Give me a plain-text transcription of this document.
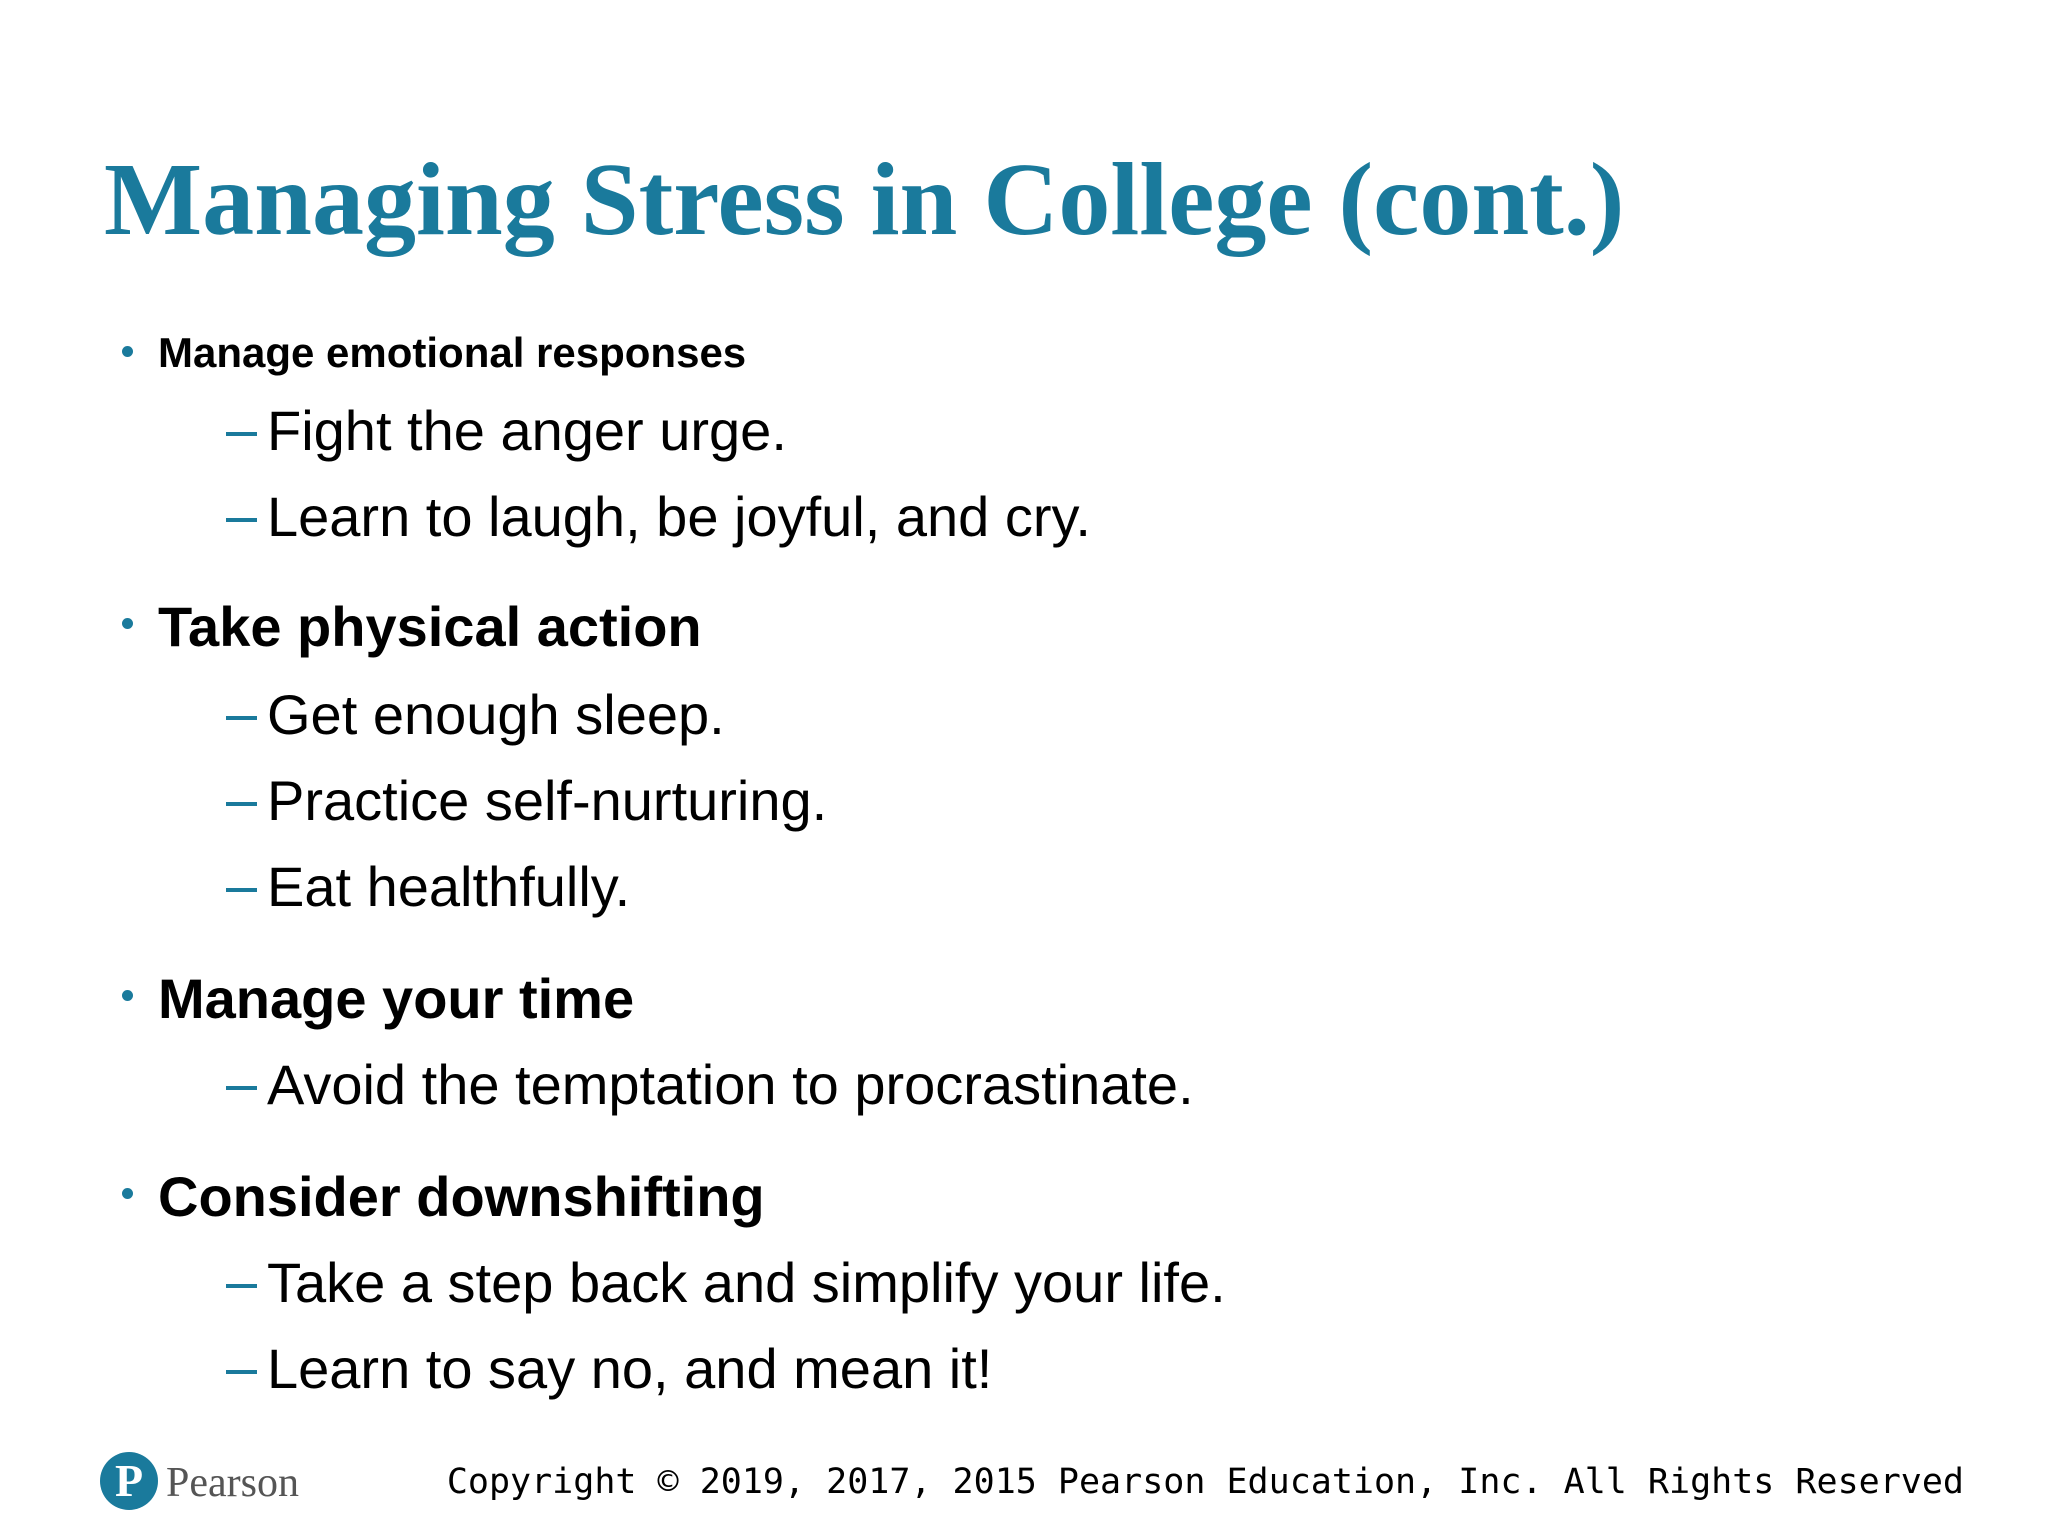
Managing Stress in College (cont.)
Manage emotional responses
Fight the anger urge.
Learn to laugh, be joyful, and cry.
Take physical action
Get enough sleep.
Practice self-nurturing.
Eat healthfully.
Manage your time
Avoid the temptation to procrastinate.
Consider downshifting
Take a step back and simplify your life.
Learn to say no, and mean it!
P Pearson	Copyright © 2019, 2017, 2015 Pearson Education, Inc. All Rights Reserved
